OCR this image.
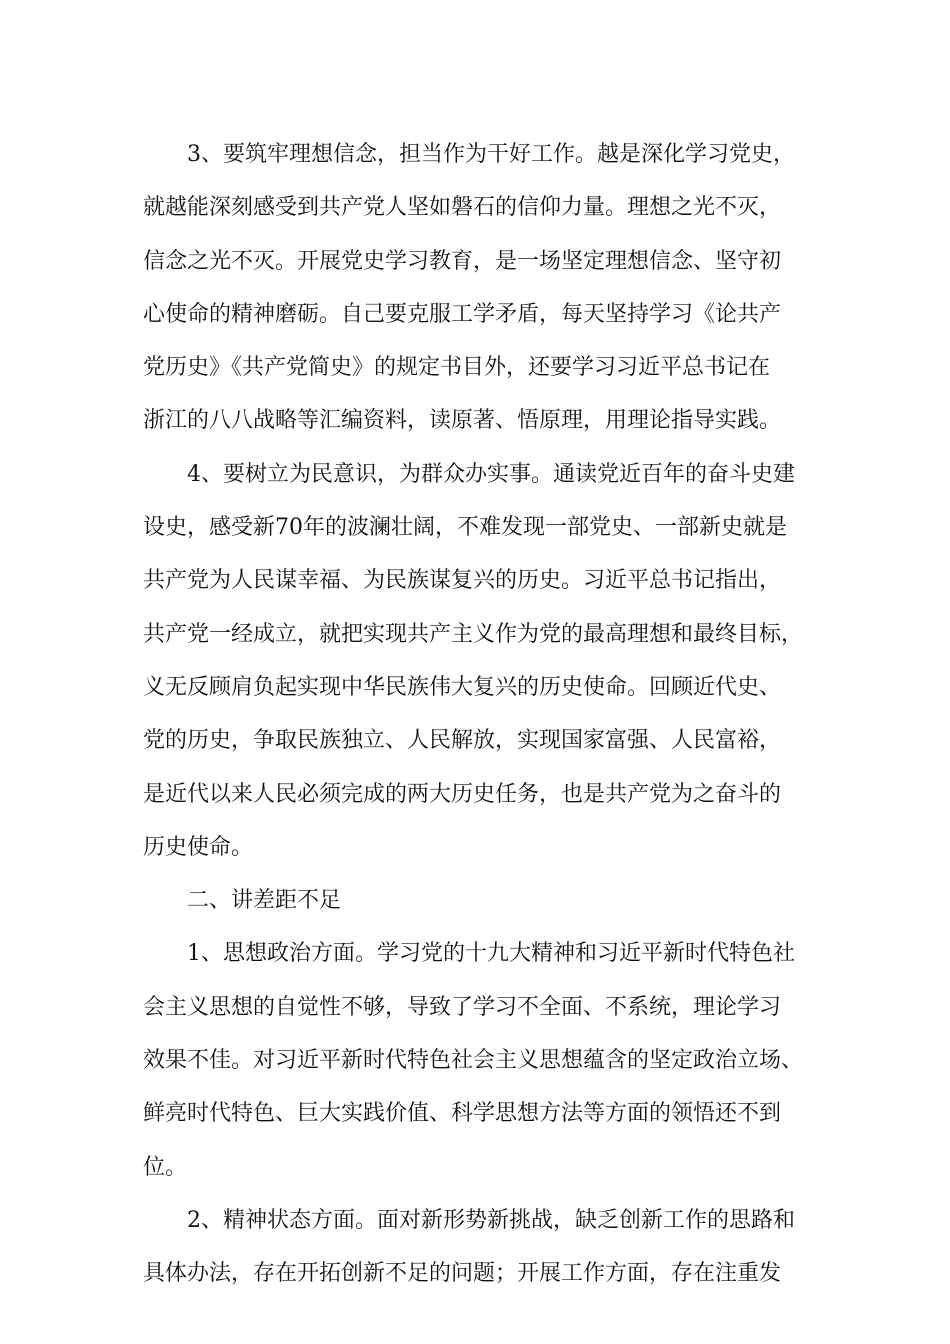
3、要筑牢理想信念，担当作为干好工作。越是深化学习党史，
就越能深刻感受到共产党人坚如磐石的信仰力量。理想之光不灭，
信念之光不灭。开展党史学习教育，是一场坚定理想信念、坚守初
心使命的精神磨砺。自己要克服工学矛盾，每天坚持学习《论共产
党历史》《共产党简史》的规定书目外，还要学习习近平总书记在
浙江的八八战略等汇编资料，读原著、悟原理，用理论指导实践。
4、要树立为民意识，为群众办实事。通读党近百年的奋斗史建
设史，感受新70年的波澜壮阔，不难发现一部党史、一部新史就是
共产党为人民谋幸福、为民族谋复兴的历史。习近平总书记指出，
共产党一经成立，就把实现共产主义作为党的最高理想和最终目标，
义无反顾肩负起实现中华民族伟大复兴的历史使命。回顾近代史、
党的历史，争取民族独立、人民解放，实现国家富强、人民富裕，
是近代以来人民必须完成的两大历史任务，也是共产党为之奋斗的
历史使命。
二、讲差距不足
1、思想政治方面。学习党的十九大精神和习近平新时代特色社
会主义思想的自觉性不够，导致了学习不全面、不系统，理论学习
效果不佳。对习近平新时代特色社会主义思想蕴含的坚定政治立场、
鲜亮时代特色、巨大实践价值、科学思想方法等方面的领悟还不到
位。
2、精神状态方面。面对新形势新挑战，缺乏创新工作的思路和
具体办法，存在开拓创新不足的问题；开展工作方面，存在注重发
